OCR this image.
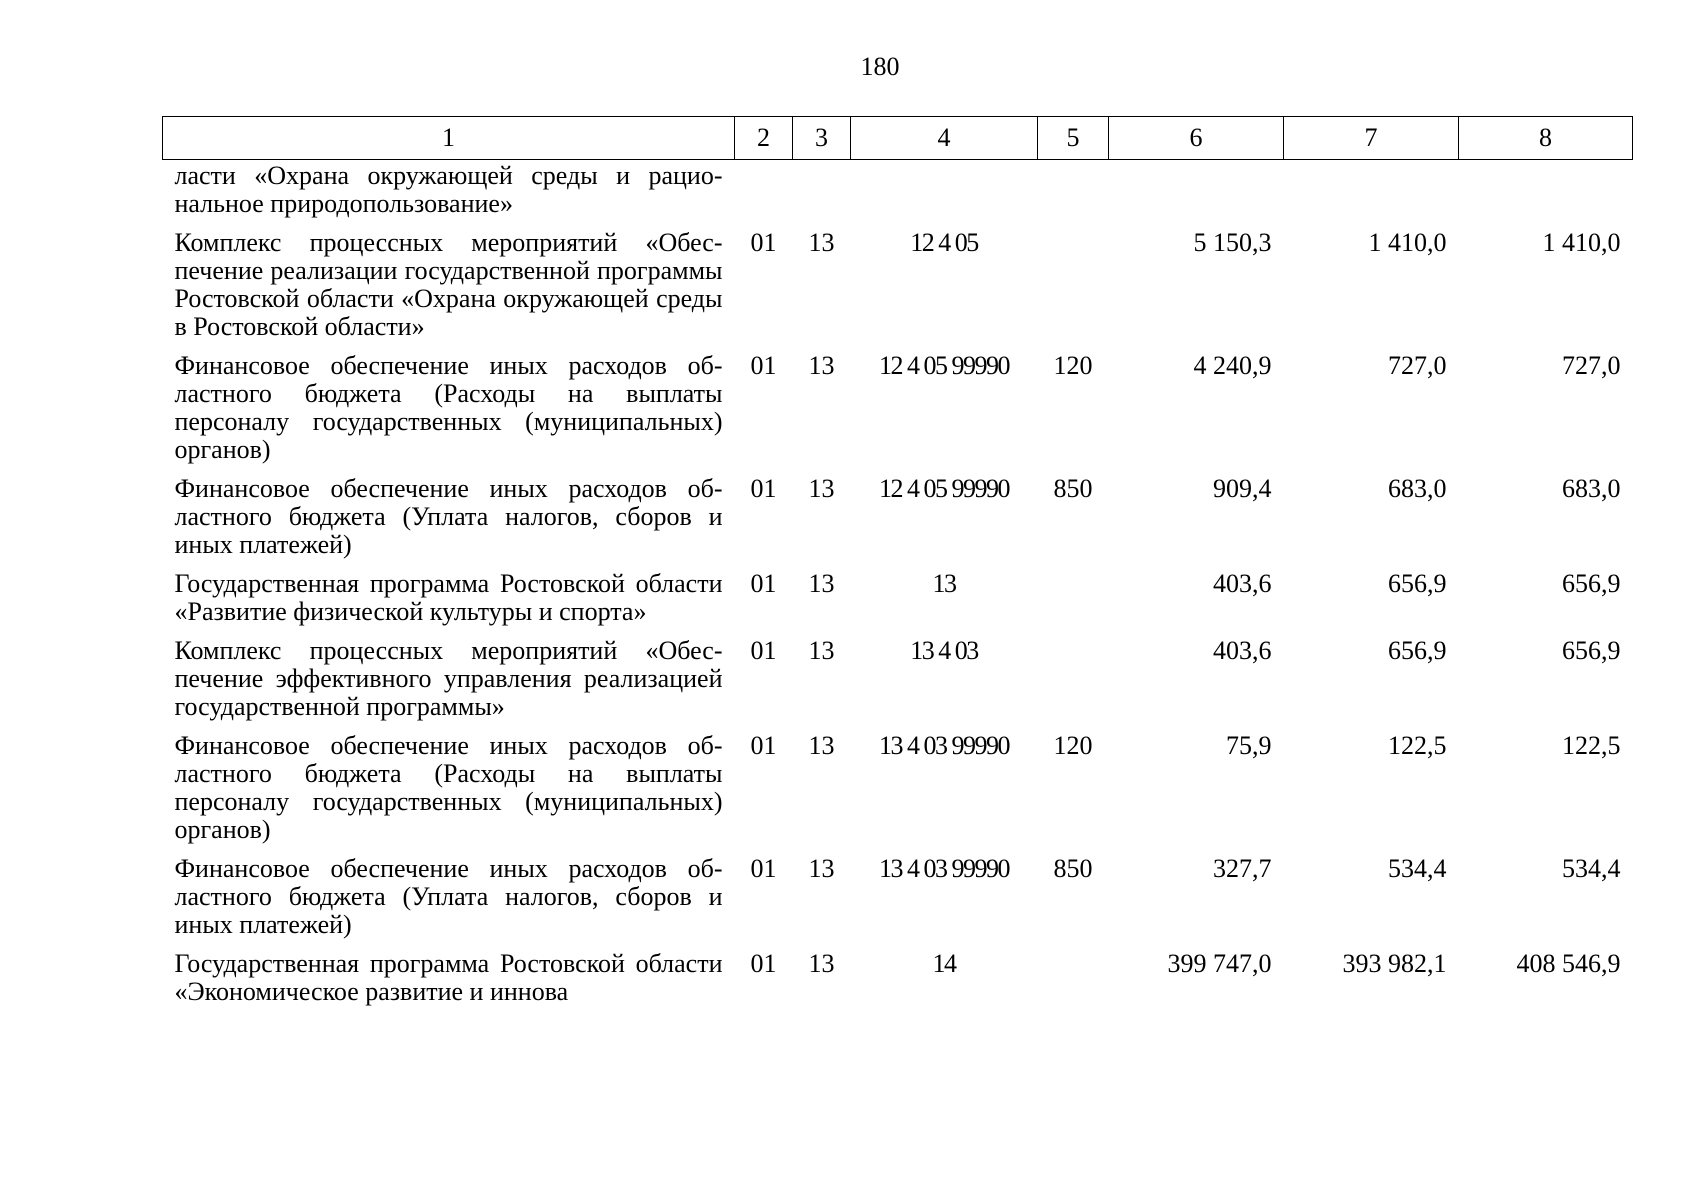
180
1	2	3	4	5	6	7	8
ласти «Охрана окружающей среды и рациональное природопользование»							
Комплекс процессных мероприятий «Обеспечение реализации государственной программы Ростовской области «Охрана окружающей среды в Ростовской области»	01	13	12 4 05		5 150,3	1 410,0	1 410,0
Финансовое обеспечение иных расходов областного бюджета (Расходы на выплаты персоналу государственных (муниципальных) органов)	01	13	12 4 05 99990	120	4 240,9	727,0	727,0
Финансовое обеспечение иных расходов областного бюджета (Уплата налогов, сборов и иных платежей)	01	13	12 4 05 99990	850	909,4	683,0	683,0
Государственная программа Ростовской области «Развитие физической культуры и спорта»	01	13	13		403,6	656,9	656,9
Комплекс процессных мероприятий «Обеспечение эффективного управления реализацией государственной программы»	01	13	13 4 03		403,6	656,9	656,9
Финансовое обеспечение иных расходов областного бюджета (Расходы на выплаты персоналу государственных (муниципальных) органов)	01	13	13 4 03 99990	120	75,9	122,5	122,5
Финансовое обеспечение иных расходов областного бюджета (Уплата налогов, сборов и иных платежей)	01	13	13 4 03 99990	850	327,7	534,4	534,4
Государственная программа Ростовской области «Экономическое развитие и иннова	01	13	14		399 747,0	393 982,1	408 546,9
